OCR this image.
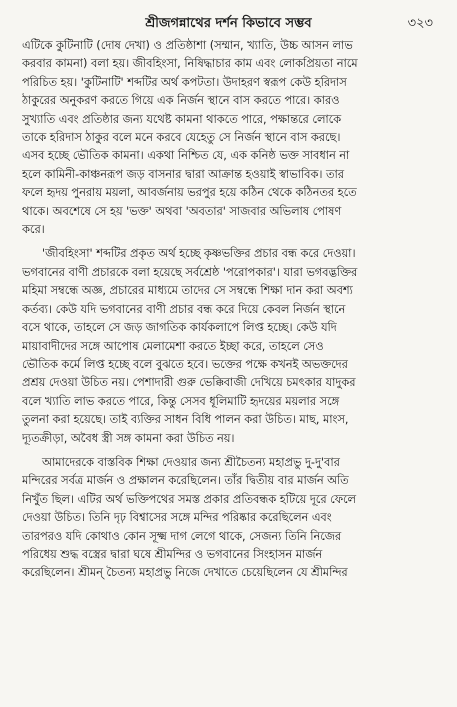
শ্রীজগন্নাথের দর্শন কিভাবে সম্ভব	৩২৩

এটিকে কুটিনাটি (দোষ দেখা) ও প্রতিষ্ঠাশা (সম্মান, খ্যাতি, উচ্চ আসন লাভ
করবার কামনা) বলা হয়। জীবহিংসা, নিষিদ্ধাচার কাম এবং লোকপ্রিয়তা নামে
পরিচিত হয়। 'কুটিনাটি' শব্দটির অর্থ কপটতা। উদাহরণ স্বরূপ কেউ হরিদাস
ঠাকুরের অনুকরণ করতে গিয়ে এক নির্জন স্থানে বাস করতে পারে। কারও
সুখ্যাতি এবং প্রতিষ্ঠার জন্য যথেষ্ট কামনা থাকতে পারে, পক্ষান্তরে লোকে
তাকে হরিদাস ঠাকুর বলে মনে করবে যেহেতু সে নির্জন স্থানে বাস করছে।
এসব হচ্ছে ভৌতিক কামনা। একথা নিশ্চিত যে, এক কনিষ্ঠ ভক্ত সাবধান না
হলে কামিনী-কাঞ্চনরূপ জড় বাসনার দ্বারা আক্রান্ত হওয়াই স্বাভাবিক। তার
ফলে হৃদয় পুনরায় ময়লা, আবর্জনায় ভরপুর হয়ে কঠিন থেকে কঠিনতর হতে
থাকে। অবশেষে সে হয় 'ভক্ত' অথবা 'অবতার' সাজবার অভিলাষ পোষণ
করে।

'জীবহিংসা' শব্দটির প্রকৃত অর্থ হচ্ছে কৃষ্ণভক্তির প্রচার বন্ধ করে দেওয়া।
ভগবানের বাণী প্রচারকে বলা হয়েছে সর্বশ্রেষ্ঠ 'পরোপকার'। যারা ভগবদ্ভক্তির
মহিমা সম্বন্ধে অজ্ঞ, প্রচারের মাধ্যমে তাদের সে সম্বন্ধে শিক্ষা দান করা অবশ্য
কর্তব্য। কেউ যদি ভগবানের বাণী প্রচার বন্ধ করে দিয়ে কেবল নির্জন স্থানে
বসে থাকে, তাহলে সে জড় জাগতিক কার্যকলাপে লিপ্ত হচ্ছে। কেউ যদি
মায়াবাদীদের সঙ্গে আপোষ মেলামেশা করতে ইচ্ছা করে, তাহলে সেও
ভৌতিক কর্মে লিপ্ত হচ্ছে বলে বুঝতে হবে। ভক্তের পক্ষে কখনই অভক্তদের
প্রশ্রয় দেওয়া উচিত নয়। পেশাদারী গুরু ভেক্কিবাজী দেখিয়ে চমৎকার যাদুকর
বলে খ্যাতি লাভ করতে পারে, কিন্তু সেসব ধূলিমাটি হৃদয়ের ময়লার সঙ্গে
তুলনা করা হয়েছে। তাই ব্যক্তির সাধন বিধি পালন করা উচিত। মাছ, মাংস,
দ্যূতক্রীড়া, অবৈধ স্ত্রী সঙ্গ কামনা করা উচিত নয়।

আমাদেরকে বাস্তবিক শিক্ষা দেওয়ার জন্য শ্রীচৈতন্য মহাপ্রভু দু-দু'বার
মন্দিরের সর্বত্র মার্জন ও প্রক্ষালন করেছিলেন। তাঁর দ্বিতীয় বার মার্জন অতি
নিখুঁত ছিল। এটির অর্থ ভক্তিপথের সমস্ত প্রকার প্রতিবন্ধক হটিয়ে দূরে ফেলে
দেওয়া উচিত। তিনি দৃঢ় বিশ্বাসের সঙ্গে মন্দির পরিষ্কার করেছিলেন এবং
তারপরও যদি কোথাও কোন সূক্ষ্ম দাগ লেগে থাকে, সেজন্য তিনি নিজের
পরিধেয় শুদ্ধ বস্ত্রের দ্বারা ঘষে শ্রীমন্দির ও ভগবানের সিংহাসন মার্জন
করেছিলেন। শ্রীমন্ চৈতন্য মহাপ্রভু নিজে দেখাতে চেয়েছিলেন যে শ্রীমন্দির
